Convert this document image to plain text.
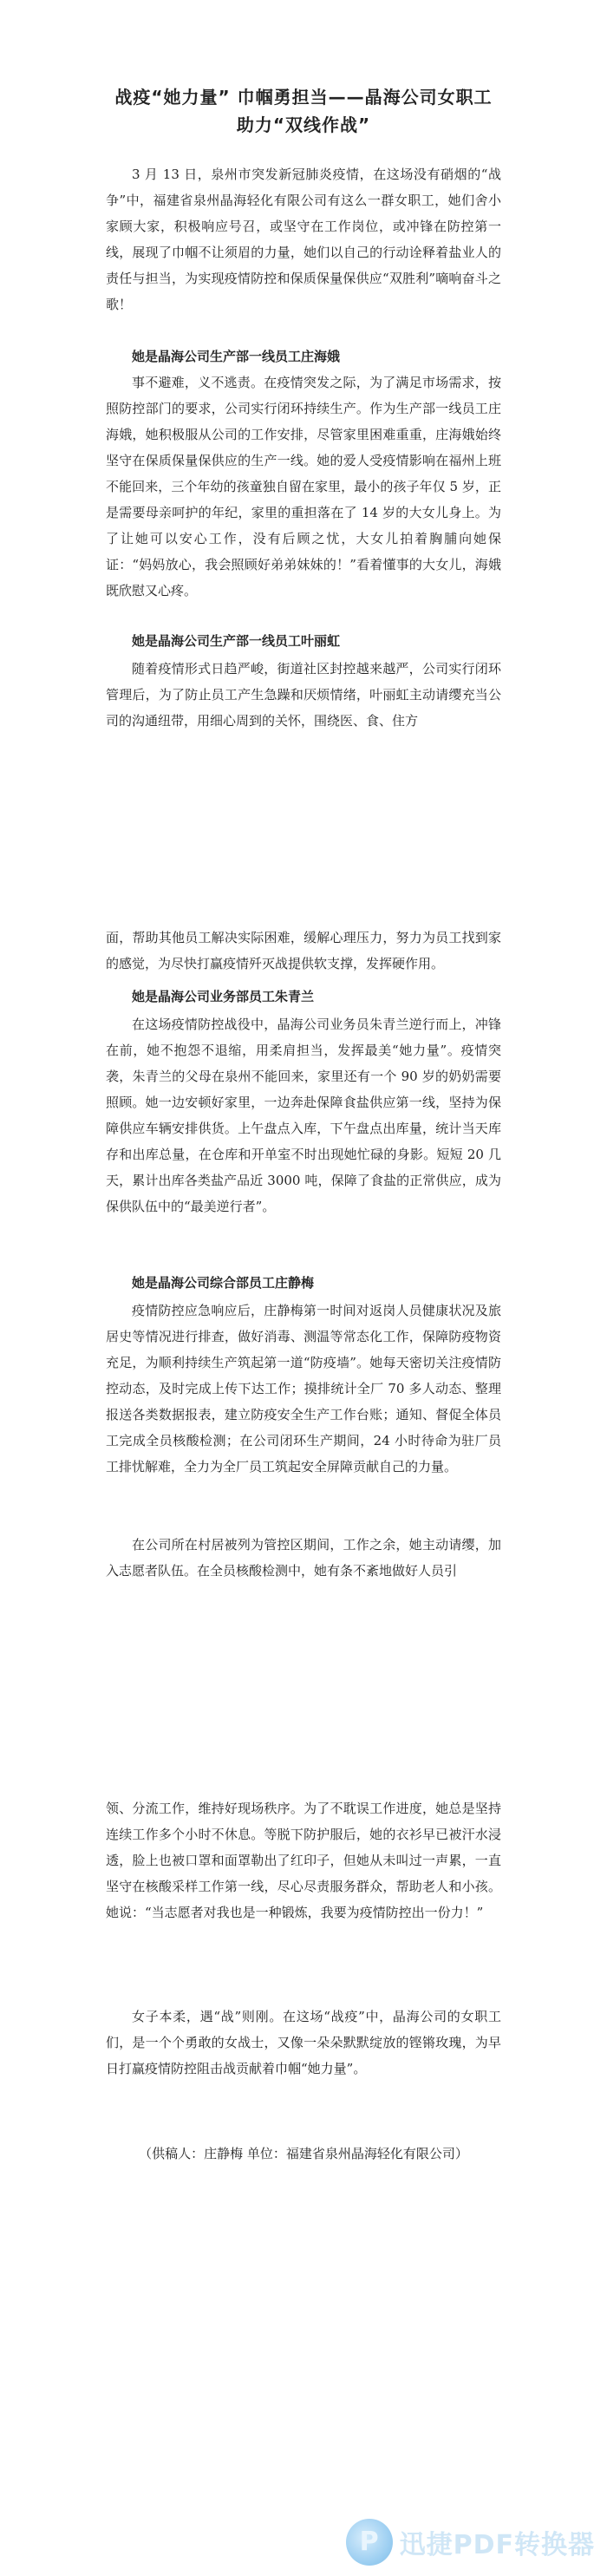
战疫“她力量” 巾帼勇担当——晶海公司女职工
助力“双线作战”

3 月 13 日，泉州市突发新冠肺炎疫情，在这场没有硝烟的“战争”中，福建省泉州晶海轻化有限公司有这么一群女职工，她们舍小家顾大家，积极响应号召，或坚守在工作岗位，或冲锋在防控第一线，展现了巾帼不让须眉的力量，她们以自己的行动诠释着盐业人的责任与担当，为实现疫情防控和保质保量保供应“双胜利”嘀响奋斗之歌！

她是晶海公司生产部一线员工庄海娥

事不避难，义不逃责。在疫情突发之际，为了满足市场需求，按照防控部门的要求，公司实行闭环持续生产。作为生产部一线员工庄海娥，她积极服从公司的工作安排，尽管家里困难重重，庄海娥始终坚守在保质保量保供应的生产一线。她的爱人受疫情影响在福州上班不能回来，三个年幼的孩童独自留在家里，最小的孩子年仅 5 岁，正是需要母亲呵护的年纪，家里的重担落在了 14 岁的大女儿身上。为了让她可以安心工作，没有后顾之忧，大女儿拍着胸脯向她保证：“妈妈放心，我会照顾好弟弟妹妹的！”看着懂事的大女儿，海娥既欣慰又心疼。

她是晶海公司生产部一线员工叶丽虹

随着疫情形式日趋严峻，街道社区封控越来越严，公司实行闭环管理后，为了防止员工产生急躁和厌烦情绪，叶丽虹主动请缨充当公司的沟通纽带，用细心周到的关怀，围绕医、食、住方

面，帮助其他员工解决实际困难，缓解心理压力，努力为员工找到家的感觉，为尽快打赢疫情歼灭战提供软支撑，发挥硬作用。

她是晶海公司业务部员工朱青兰

在这场疫情防控战役中，晶海公司业务员朱青兰逆行而上，冲锋在前，她不抱怨不退缩，用柔肩担当，发挥最美“她力量”。疫情突袭，朱青兰的父母在泉州不能回来，家里还有一个 90 岁的奶奶需要照顾。她一边安顿好家里，一边奔赴保障食盐供应第一线，坚持为保障供应车辆安排供货。上午盘点入库，下午盘点出库量，统计当天库存和出库总量，在仓库和开单室不时出现她忙碌的身影。短短 20 几天，累计出库各类盐产品近 3000 吨，保障了食盐的正常供应，成为保供队伍中的“最美逆行者”。

她是晶海公司综合部员工庄静梅

疫情防控应急响应后，庄静梅第一时间对返岗人员健康状况及旅居史等情况进行排查，做好消毒、测温等常态化工作，保障防疫物资充足，为顺利持续生产筑起第一道“防疫墙”。她每天密切关注疫情防控动态，及时完成上传下达工作；摸排统计全厂 70 多人动态、整理报送各类数据报表，建立防疫安全生产工作台账；通知、督促全体员工完成全员核酸检测；在公司闭环生产期间，24 小时待命为驻厂员工排忧解难，全力为全厂员工筑起安全屏障贡献自己的力量。

在公司所在村居被列为管控区期间，工作之余，她主动请缨，加入志愿者队伍。在全员核酸检测中，她有条不紊地做好人员引

领、分流工作，维持好现场秩序。为了不耽误工作进度，她总是坚持连续工作多个小时不休息。等脱下防护服后，她的衣衫早已被汗水浸透，脸上也被口罩和面罩勒出了红印子，但她从未叫过一声累，一直坚守在核酸采样工作第一线，尽心尽责服务群众，帮助老人和小孩。她说：“当志愿者对我也是一种锻炼，我要为疫情防控出一份力！”

女子本柔，遇“战”则刚。在这场“战疫”中，晶海公司的女职工们，是一个个勇敢的女战士，又像一朵朵默默绽放的铿锵玫瑰，为早日打赢疫情防控阻击战贡献着巾帼“她力量”。

（供稿人：庄静梅 单位：福建省泉州晶海轻化有限公司）

P 迅捷PDF转换器
